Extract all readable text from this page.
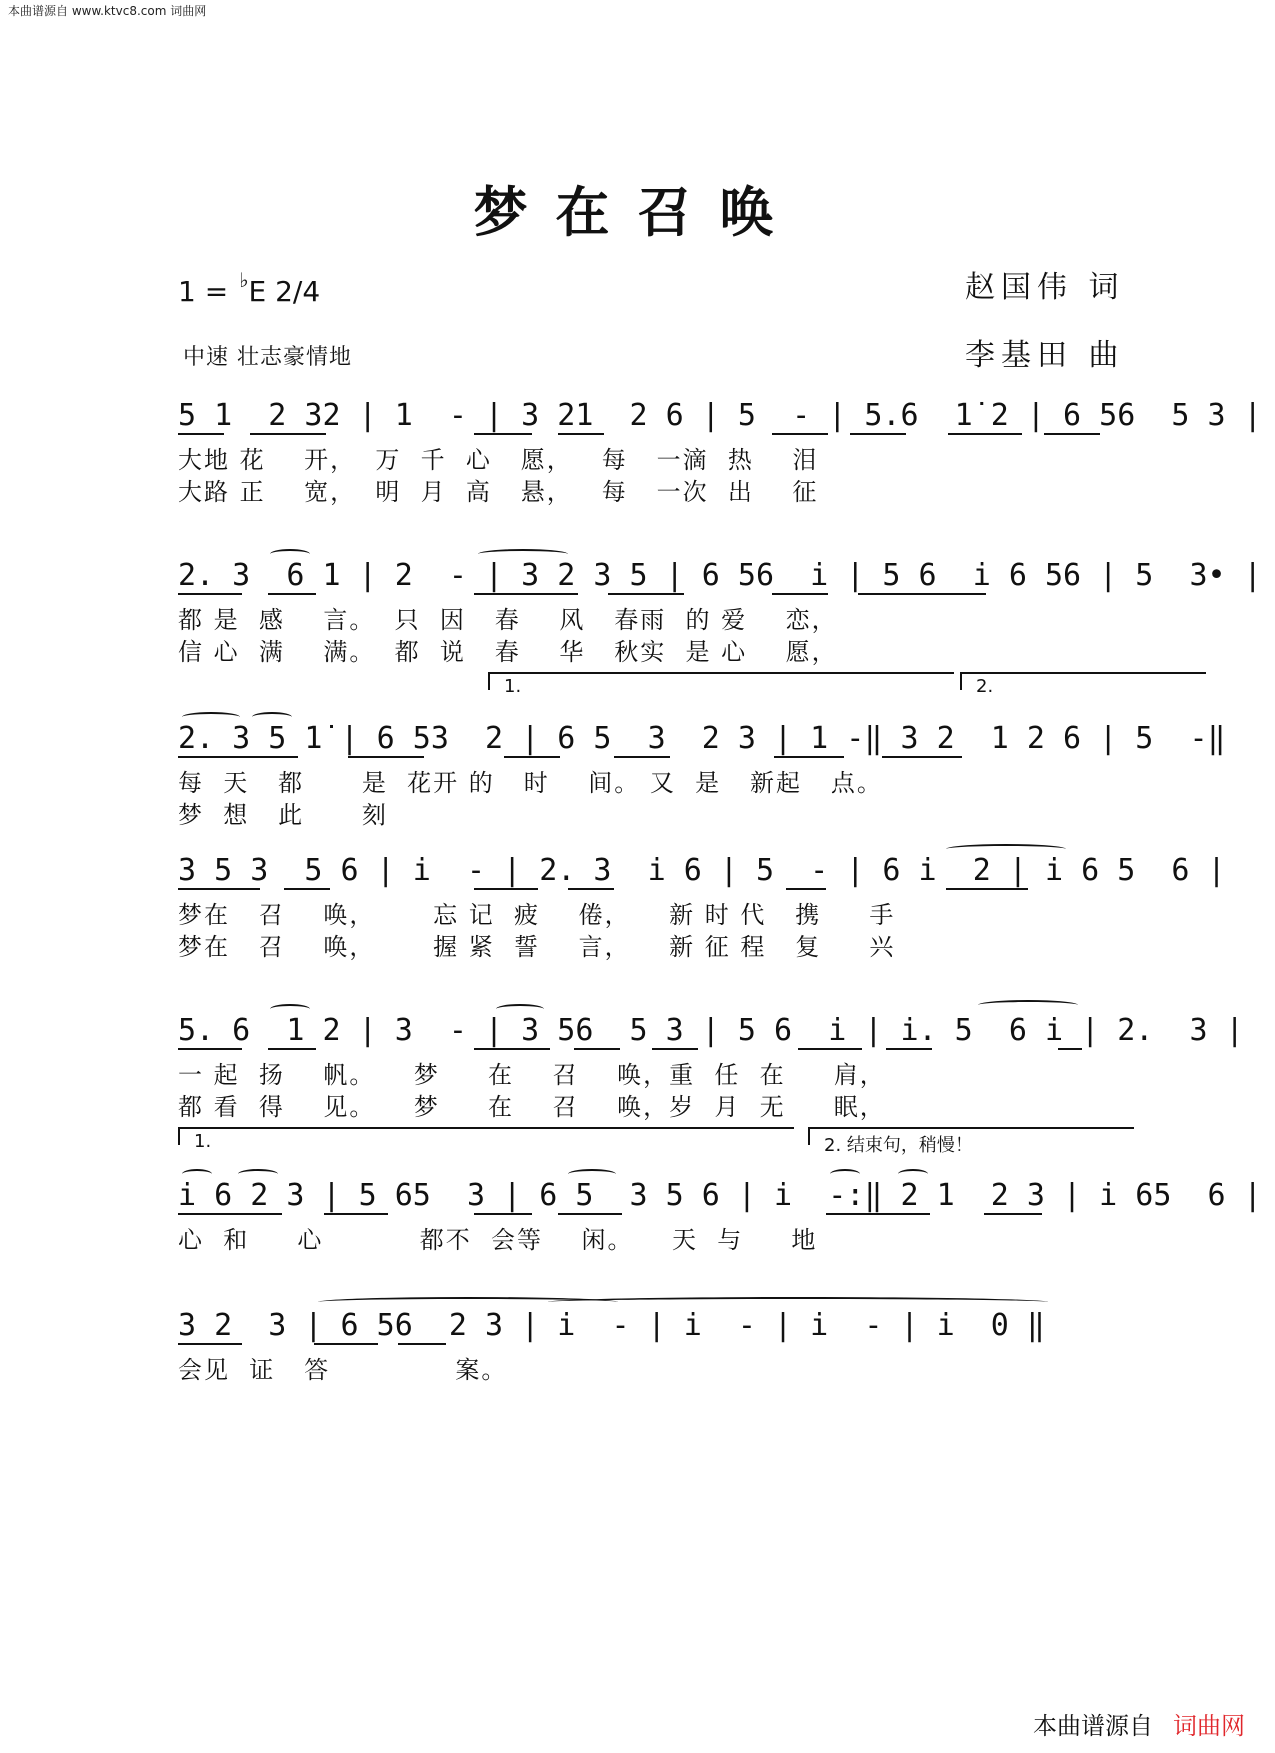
本曲谱源自 www.ktvc8.com 词曲网
梦在召唤
1 = ♭E 2/4
中速 壮志豪情地
赵国伟 词
李基田 曲
5 1  2 32 | 1  - | 3 21  2 6 | 5  - | 5.6  1̇ 2 | 6 56  5 3 |
大地 花    开，  万  千  心   愿，   每   一滴  热    泪
大路 正    宽，  明  月  高   悬，   每   一次  出    征
2. 3  6 1 | 2  - | 3 2 3 5 | 6 56  i | 5 6  i 6 56 | 5  3• |
都 是  感    言。  只  因   春    风   春雨  的 爱    恋，
信 心  满    满。  都  说   春    华   秋实  是 心    愿，
1.	2.
2. 3 5 1̇ | 6 53  2 | 6 5  3  2 3 | 1 -‖ 3 2  1 2 6 | 5  -‖
每  天   都      是  花开 的   时    间。 又  是   新起   点。
梦  想   此      刻
3 5 3  5 6 | i  - | 2. 3  i 6 | 5  - | 6 i  2 | i 6 5  6 |
梦在   召    唤，      忘 记  疲    倦，    新 时 代   携     手
梦在   召    唤，      握 紧  誓    言，    新 征 程   复     兴
5. 6  1 2 | 3  - | 3 56  5 3 | 5 6  i | i. 5  6 i | 2.  3 |
一 起  扬    帆。    梦     在    召    唤，重  任  在     肩，
都 看  得    见。    梦     在    召    唤，岁  月  无     眠，
1.	2. 结束句，稍慢！
i 6 2 3 | 5 65  3 | 6 5  3 5 6 | i  -:‖ 2 1  2 3 | i 65  6 |
心  和     心          都不  会等    闲。    天  与     地
3 2  3 | 6 56  2 3 | i  - | i  - | i  - | i  0 ‖
会见  证   答             案。
本曲谱源自 词曲网
